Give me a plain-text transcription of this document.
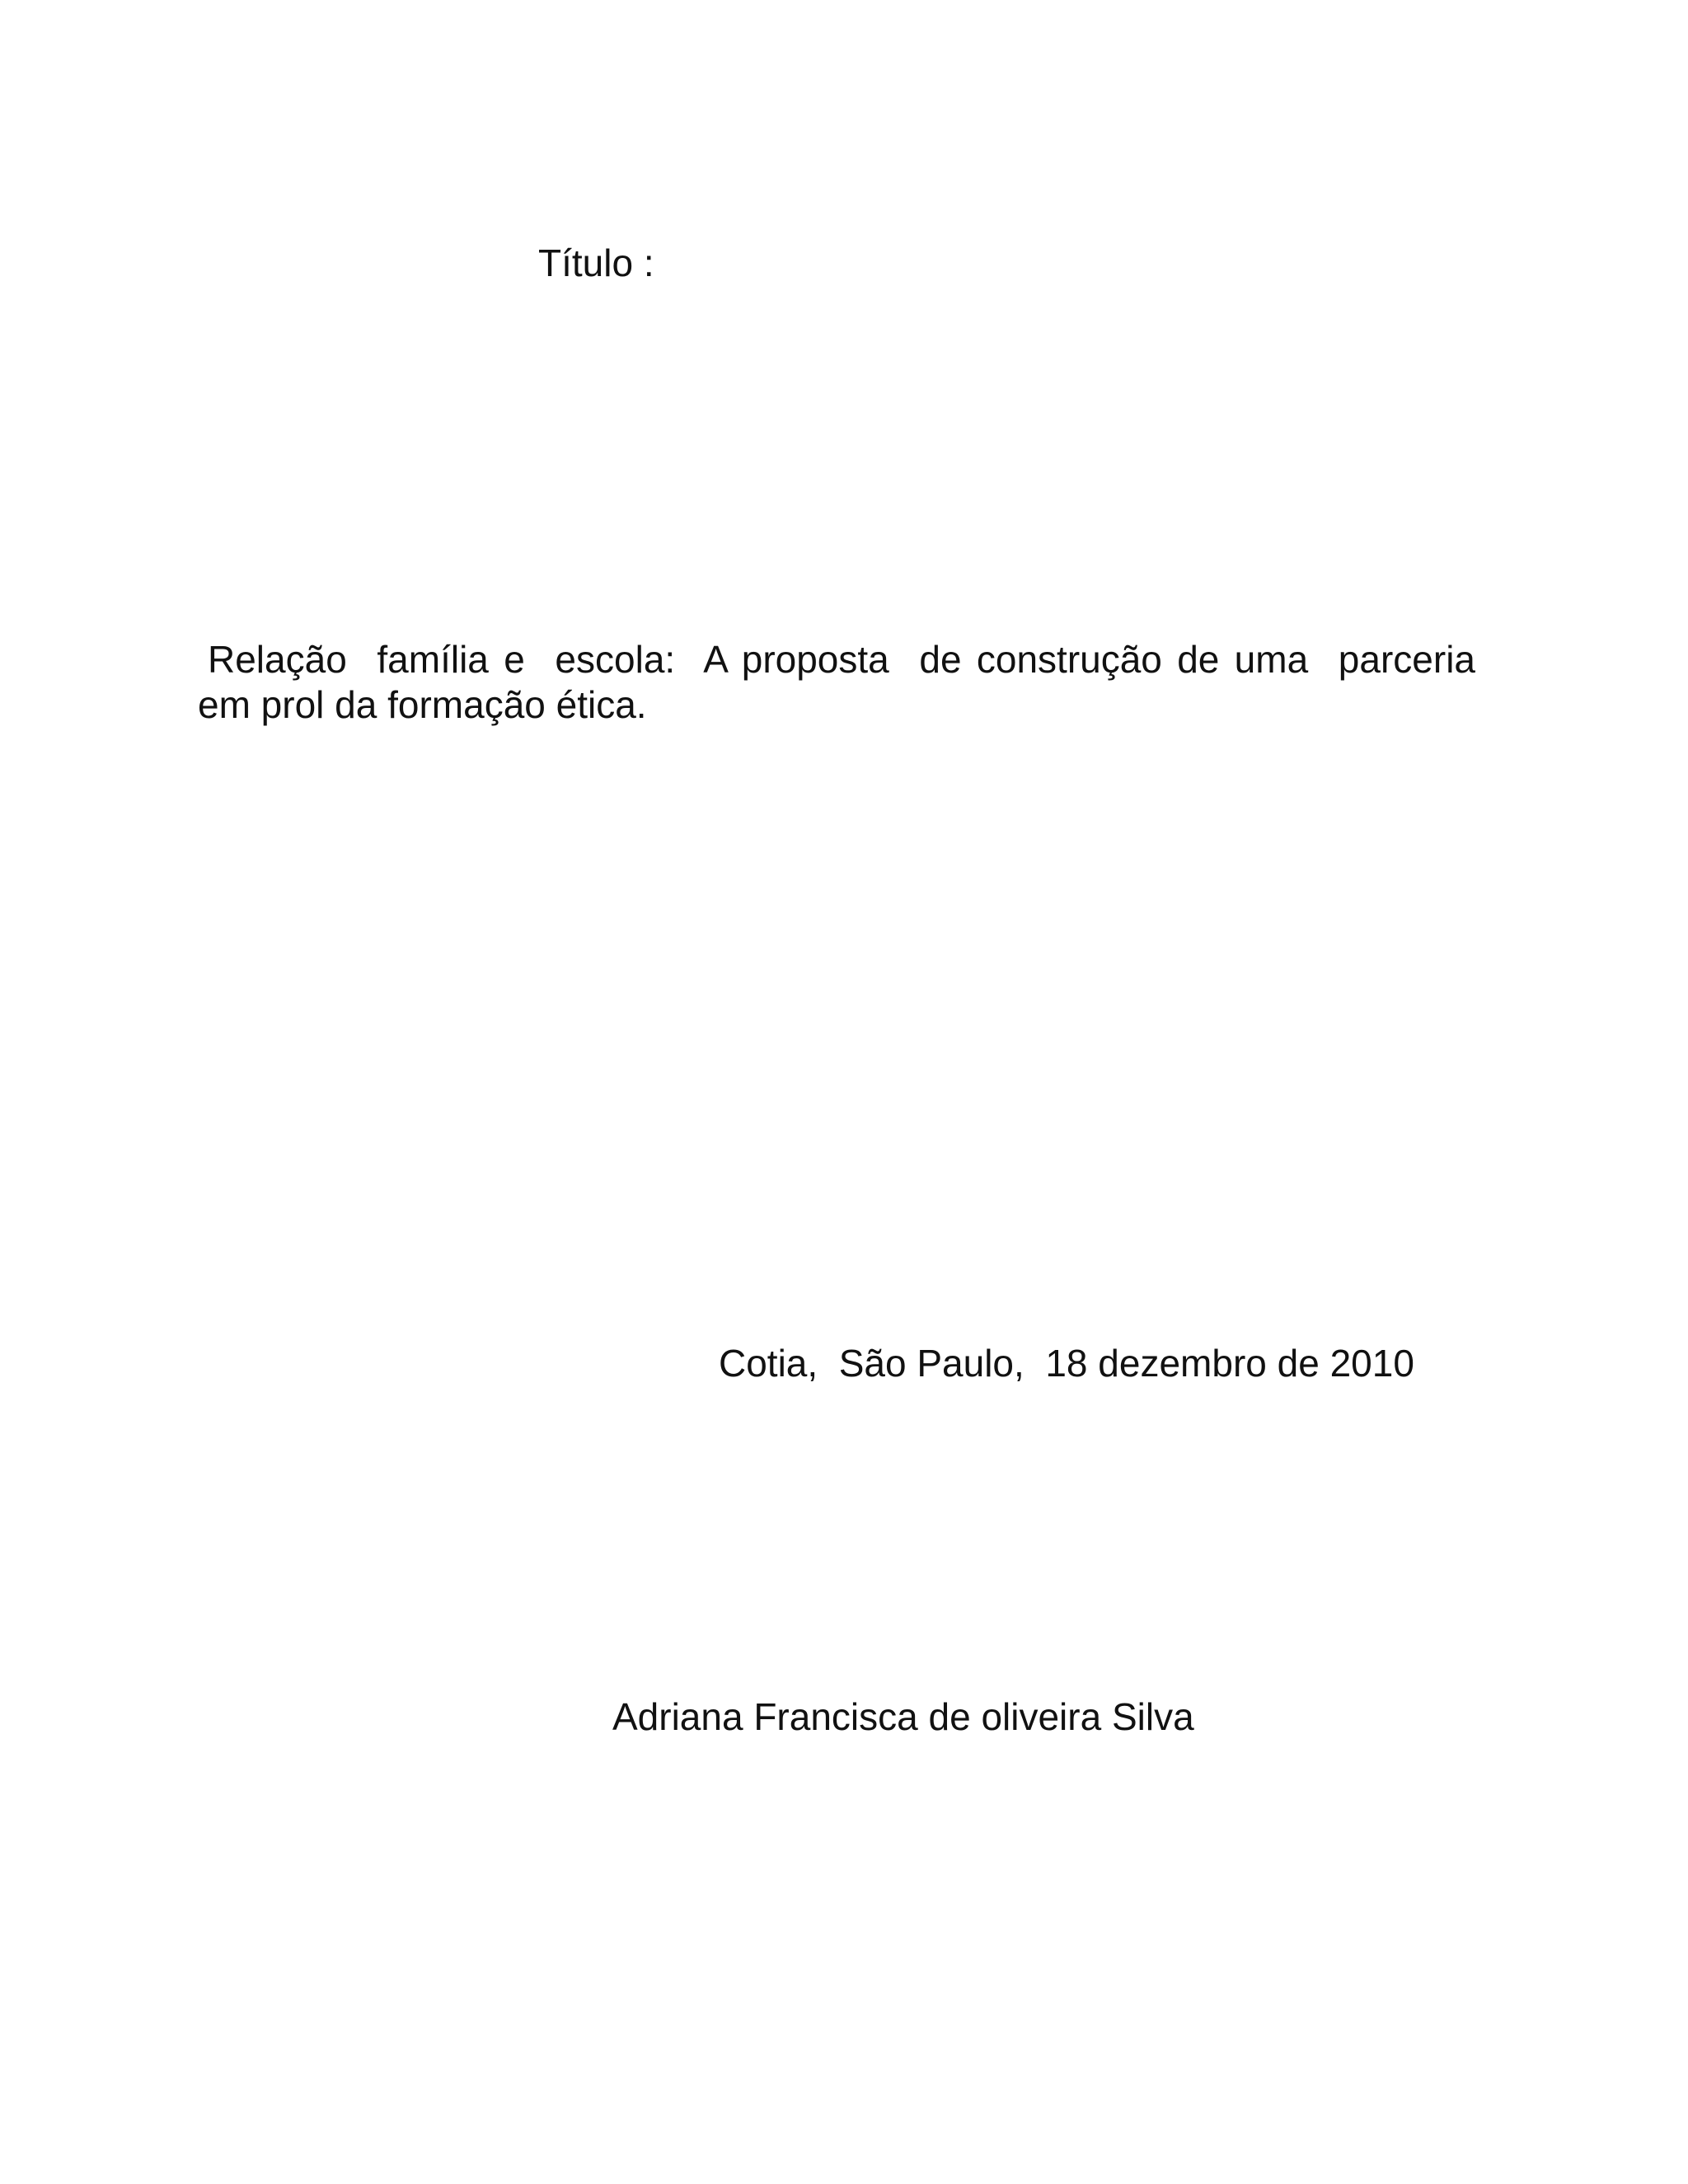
Título :
Relação  família e  escola:  A proposta  de construção de uma  parceria
em prol da formação ética.
Cotia,  São Paulo,  18 dezembro de 2010
Adriana Francisca de oliveira Silva
